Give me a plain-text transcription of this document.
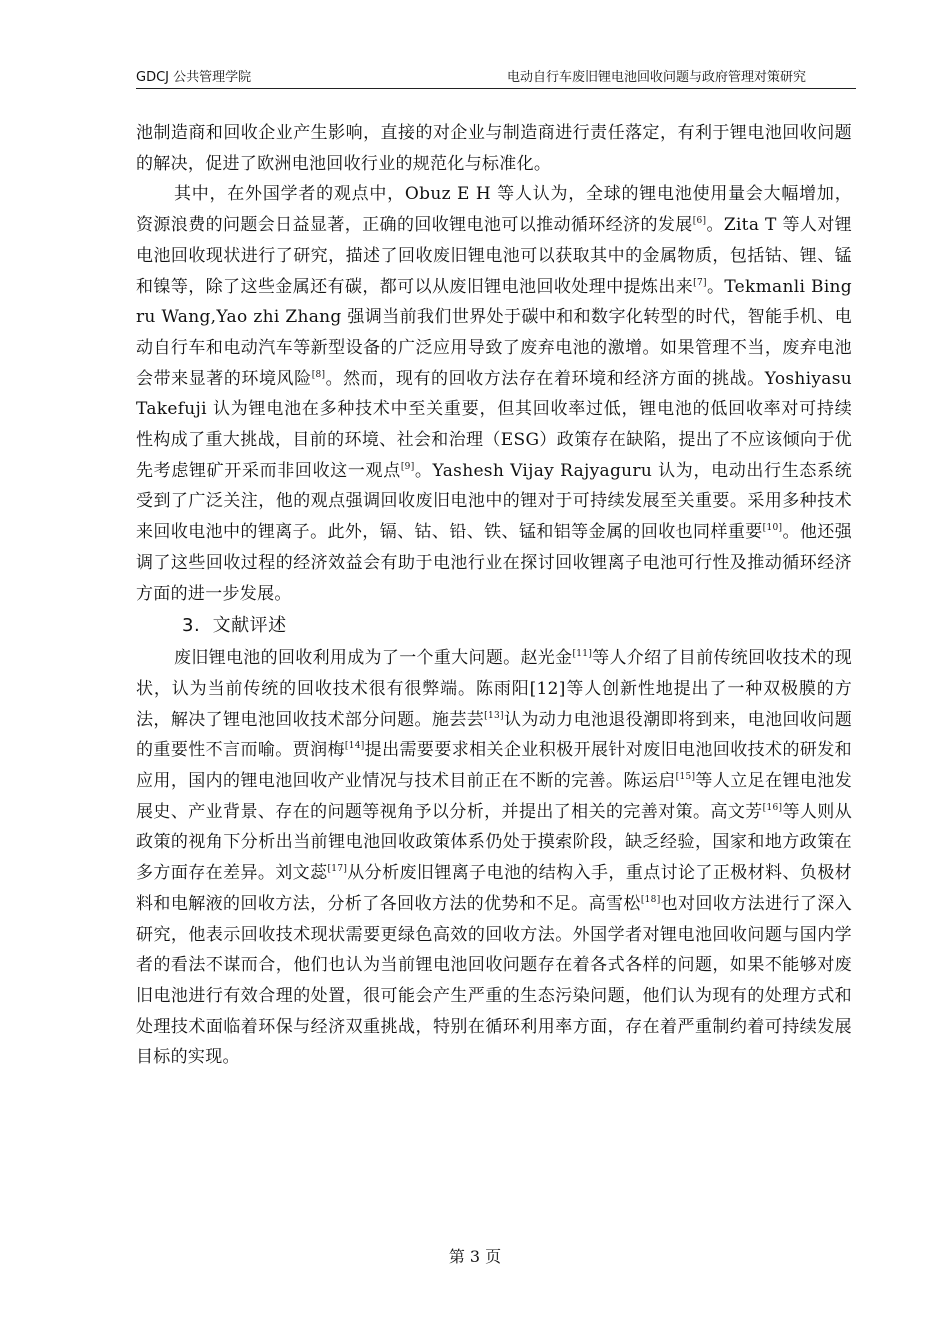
GDCJ 公共管理学院	电动自行车废旧锂电池回收问题与政府管理对策研究

池制造商和回收企业产生影响，直接的对企业与制造商进行责任落定，有利于锂电池回收问题的解决，促进了欧洲电池回收行业的规范化与标准化。

其中，在外国学者的观点中，Obuz E H 等人认为，全球的锂电池使用量会大幅增加，资源浪费的问题会日益显著，正确的回收锂电池可以推动循环经济的发展[6]。Zita T 等人对锂电池回收现状进行了研究，描述了回收废旧锂电池可以获取其中的金属物质，包括钴、锂、锰和镍等，除了这些金属还有碳，都可以从废旧锂电池回收处理中提炼出来[7]。Tekmanli Bing ru Wang,Yao zhi Zhang 强调当前我们世界处于碳中和和数字化转型的时代，智能手机、电动自行车和电动汽车等新型设备的广泛应用导致了废弃电池的激增。如果管理不当，废弃电池会带来显著的环境风险[8]。然而，现有的回收方法存在着环境和经济方面的挑战。Yoshiyasu Takefuji 认为锂电池在多种技术中至关重要，但其回收率过低，锂电池的低回收率对可持续性构成了重大挑战，目前的环境、社会和治理（ESG）政策存在缺陷，提出了不应该倾向于优先考虑锂矿开采而非回收这一观点[9]。Yashesh Vijay Rajyaguru 认为，电动出行生态系统受到了广泛关注，他的观点强调回收废旧电池中的锂对于可持续发展至关重要。采用多种技术来回收电池中的锂离子。此外，镉、钴、铅、铁、锰和铝等金属的回收也同样重要[10]。他还强调了这些回收过程的经济效益会有助于电池行业在探讨回收锂离子电池可行性及推动循环经济方面的进一步发展。

3. 文献评述

废旧锂电池的回收利用成为了一个重大问题。赵光金[11]等人介绍了目前传统回收技术的现状，认为当前传统的回收技术很有很弊端。陈雨阳[12]等人创新性地提出了一种双极膜的方法，解决了锂电池回收技术部分问题。施芸芸[13]认为动力电池退役潮即将到来，电池回收问题的重要性不言而喻。贾润梅[14]提出需要要求相关企业积极开展针对废旧电池回收技术的研发和应用，国内的锂电池回收产业情况与技术目前正在不断的完善。陈运启[15]等人立足在锂电池发展史、产业背景、存在的问题等视角予以分析，并提出了相关的完善对策。高文芳[16]等人则从政策的视角下分析出当前锂电池回收政策体系仍处于摸索阶段，缺乏经验，国家和地方政策在多方面存在差异。刘文蕊[17]从分析废旧锂离子电池的结构入手，重点讨论了正极材料、负极材料和电解液的回收方法，分析了各回收方法的优势和不足。高雪松[18]也对回收方法进行了深入研究，他表示回收技术现状需要更绿色高效的回收方法。外国学者对锂电池回收问题与国内学者的看法不谋而合，他们也认为当前锂电池回收问题存在着各式各样的问题，如果不能够对废旧电池进行有效合理的处置，很可能会产生严重的生态污染问题，他们认为现有的处理方式和处理技术面临着环保与经济双重挑战，特别在循环利用率方面，存在着严重制约着可持续发展目标的实现。

第 3 页
